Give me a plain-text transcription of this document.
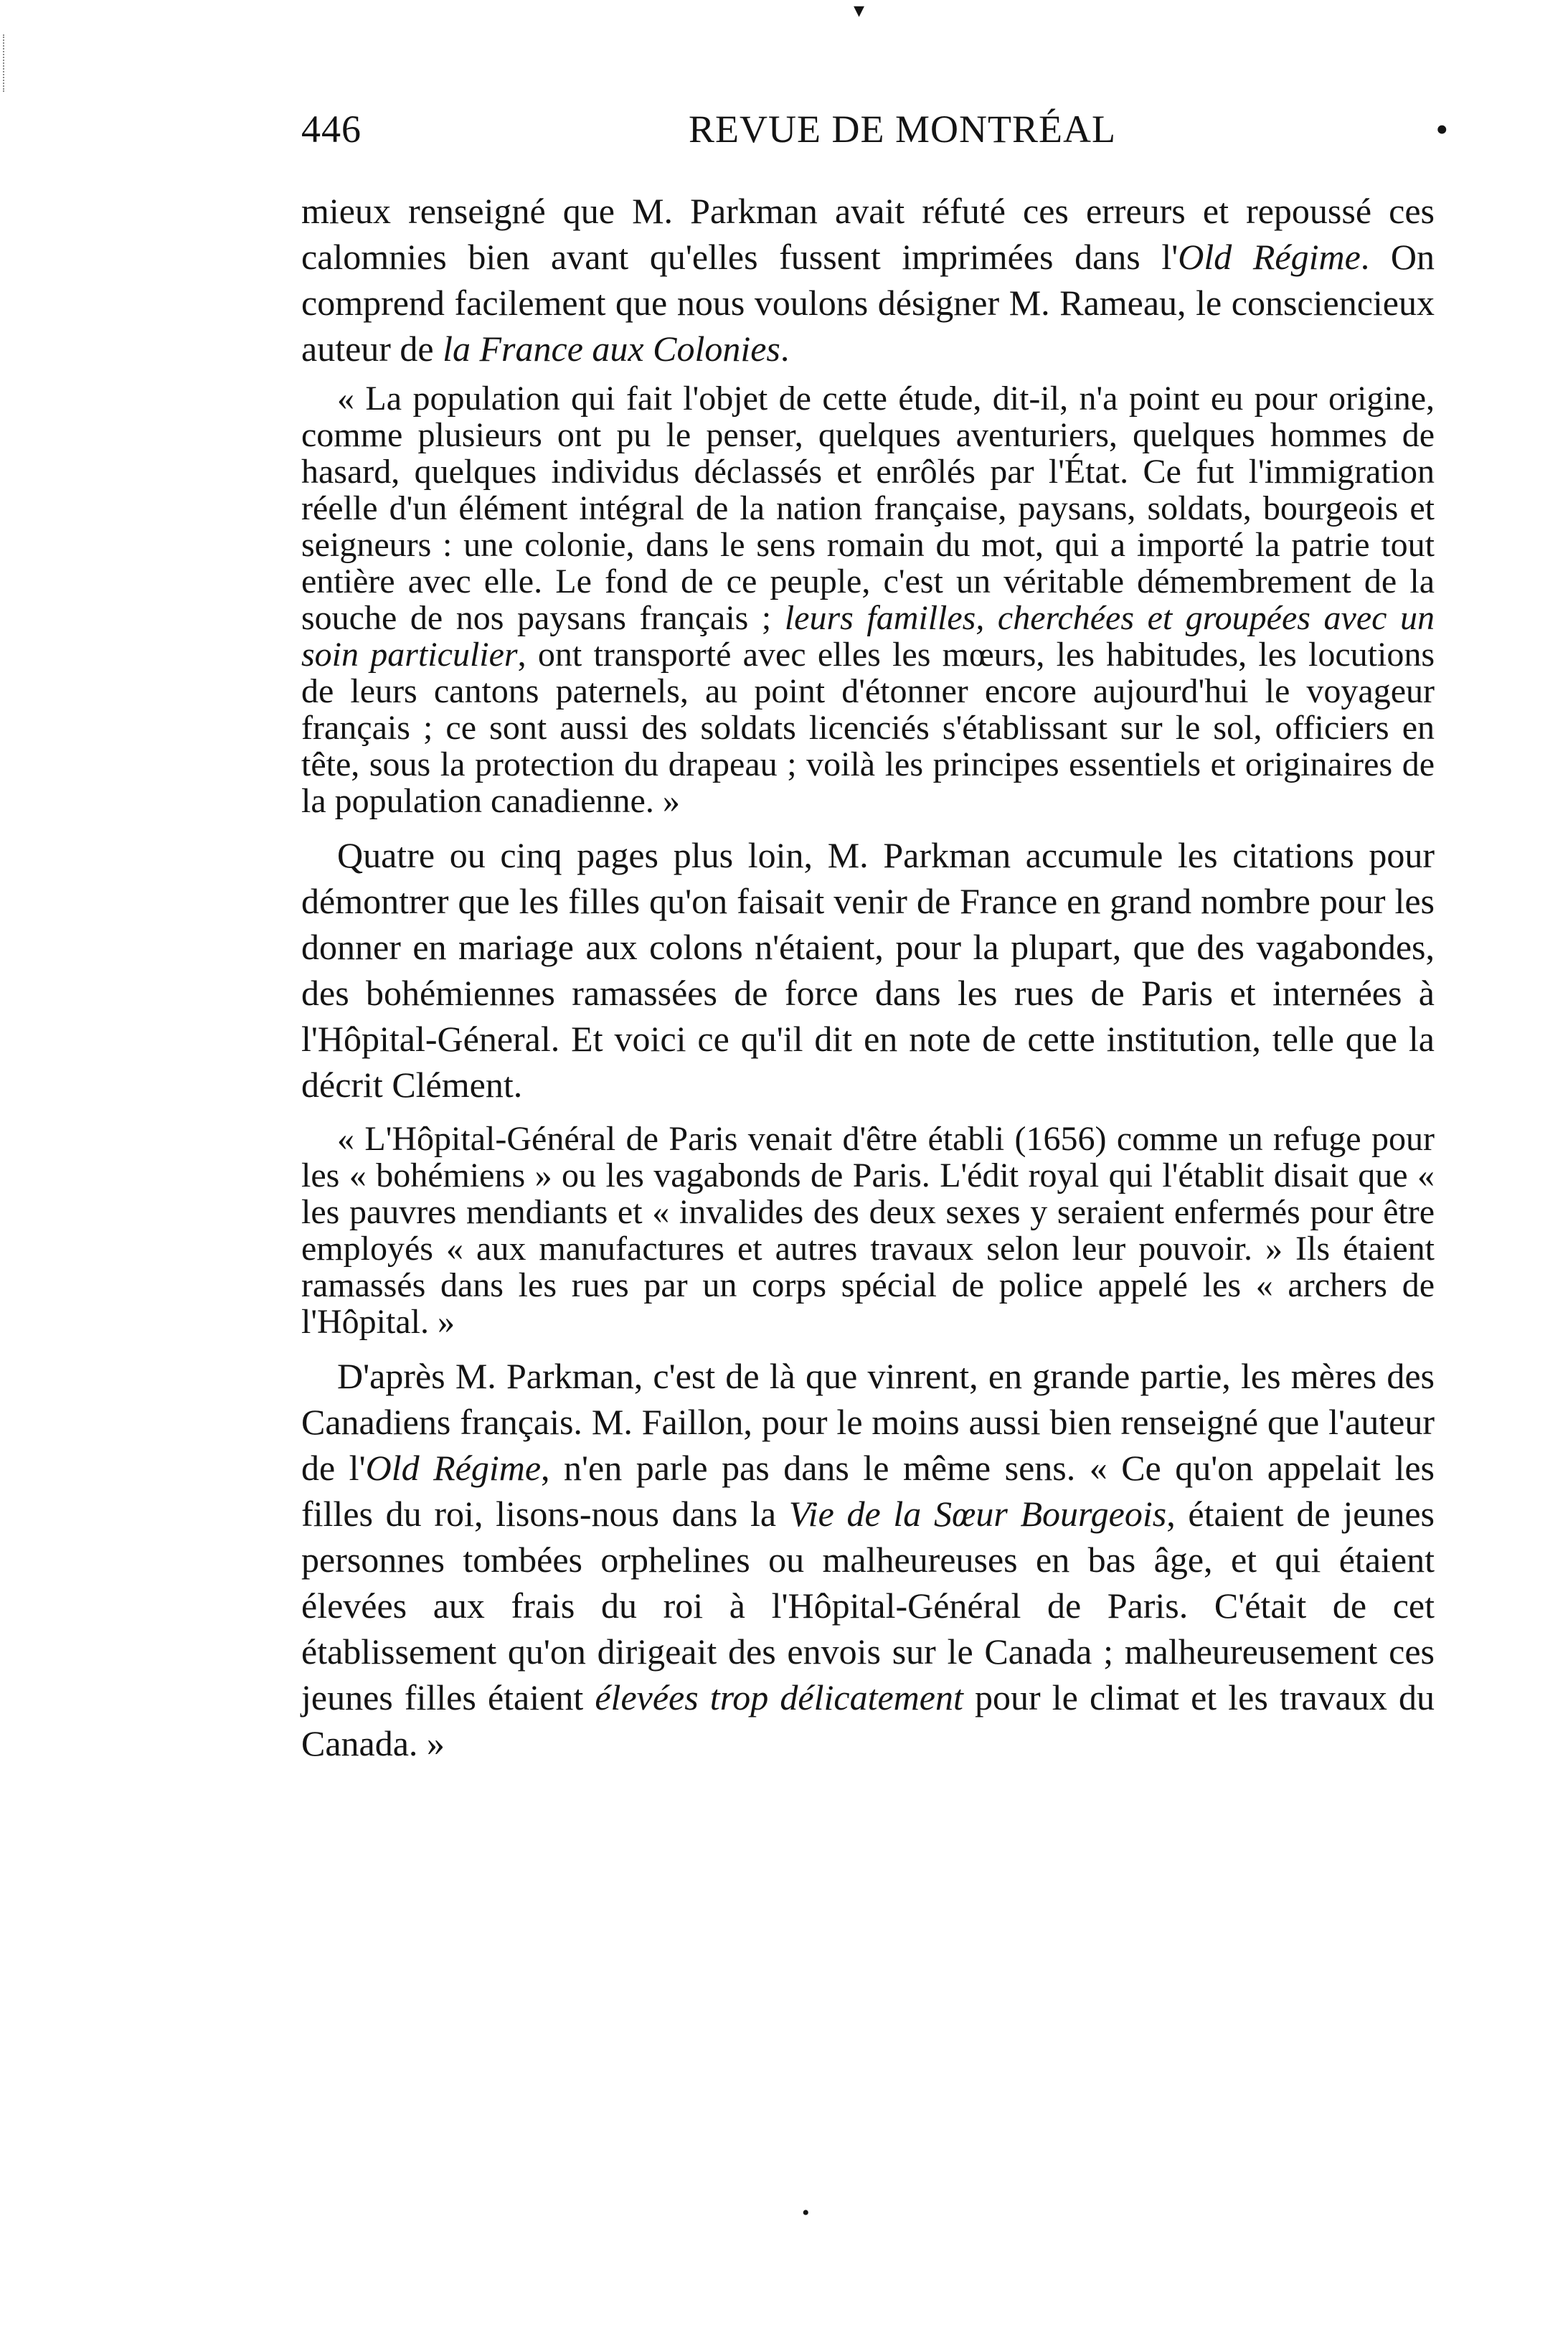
▾
446	REVUE DE MONTRÉAL	•

mieux renseigné que M. Parkman avait réfuté ces erreurs et repoussé ces calomnies bien avant qu'elles fussent imprimées dans l'Old Régime. On comprend facilement que nous voulons désigner M. Rameau, le consciencieux auteur de la France aux Colonies.

« La population qui fait l'objet de cette étude, dit-il, n'a point eu pour origine, comme plusieurs ont pu le penser, quelques aventuriers, quelques hommes de hasard, quelques individus déclassés et enrôlés par l'État. Ce fut l'immigration réelle d'un élément intégral de la nation française, paysans, soldats, bourgeois et seigneurs : une colonie, dans le sens romain du mot, qui a importé la patrie tout entière avec elle. Le fond de ce peuple, c'est un véritable démembrement de la souche de nos paysans français ; leurs familles, cherchées et groupées avec un soin particulier, ont transporté avec elles les mœurs, les habitudes, les locutions de leurs cantons paternels, au point d'étonner encore aujourd'hui le voyageur français ; ce sont aussi des soldats licenciés s'établissant sur le sol, officiers en tête, sous la protection du drapeau ; voilà les principes essentiels et originaires de la population canadienne. »

Quatre ou cinq pages plus loin, M. Parkman accumule les citations pour démontrer que les filles qu'on faisait venir de France en grand nombre pour les donner en mariage aux colons n'étaient, pour la plupart, que des vagabondes, des bohémiennes ramassées de force dans les rues de Paris et internées à l'Hôpital-Géneral. Et voici ce qu'il dit en note de cette institution, telle que la décrit Clément.

« L'Hôpital-Général de Paris venait d'être établi (1656) comme un refuge pour les « bohémiens » ou les vagabonds de Paris. L'édit royal qui l'établit disait que « les pauvres mendiants et « invalides des deux sexes y seraient enfermés pour être employés « aux manufactures et autres travaux selon leur pouvoir. » Ils étaient ramassés dans les rues par un corps spécial de police appelé les « archers de l'Hôpital. »

D'après M. Parkman, c'est de là que vinrent, en grande partie, les mères des Canadiens français. M. Faillon, pour le moins aussi bien renseigné que l'auteur de l'Old Régime, n'en parle pas dans le même sens. « Ce qu'on appelait les filles du roi, lisons-nous dans la Vie de la Sœur Bourgeois, étaient de jeunes personnes tombées orphelines ou malheureuses en bas âge, et qui étaient élevées aux frais du roi à l'Hôpital-Général de Paris. C'était de cet établissement qu'on dirigeait des envois sur le Canada ; malheureusement ces jeunes filles étaient élevées trop délicatement pour le climat et les travaux du Canada. »

•
